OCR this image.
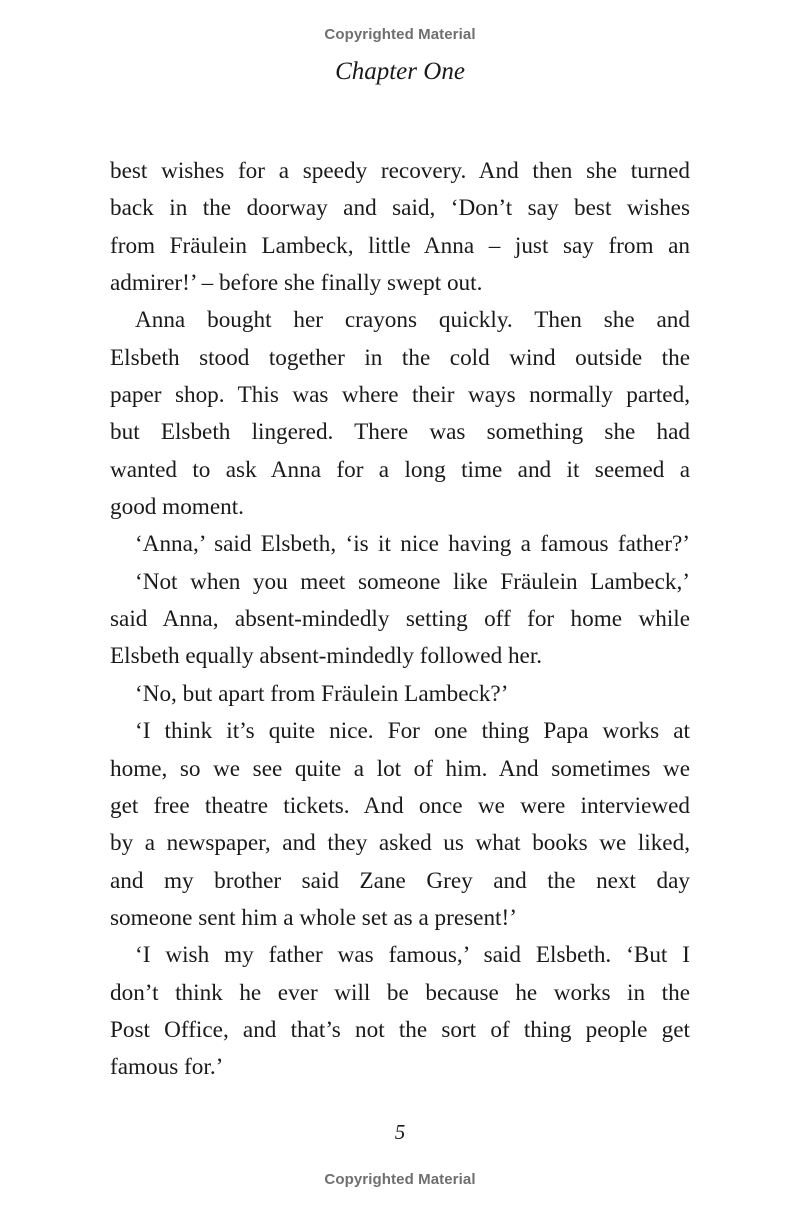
Copyrighted Material
Chapter One
best wishes for a speedy recovery. And then she turned
back in the doorway and said, ‘Don’t say best wishes
from Fräulein Lambeck, little Anna – just say from an
admirer!’ – before she finally swept out.
Anna bought her crayons quickly. Then she and
Elsbeth stood together in the cold wind outside the
paper shop. This was where their ways normally parted,
but Elsbeth lingered. There was something she had
wanted to ask Anna for a long time and it seemed a
good moment.
‘Anna,’ said Elsbeth, ‘is it nice having a famous father?’
‘Not when you meet someone like Fräulein Lambeck,’
said Anna, absent-mindedly setting off for home while
Elsbeth equally absent-mindedly followed her.
‘No, but apart from Fräulein Lambeck?’
‘I think it’s quite nice. For one thing Papa works at
home, so we see quite a lot of him. And sometimes we
get free theatre tickets. And once we were interviewed
by a newspaper, and they asked us what books we liked,
and my brother said Zane Grey and the next day
someone sent him a whole set as a present!’
‘I wish my father was famous,’ said Elsbeth. ‘But I
don’t think he ever will be because he works in the
Post Office, and that’s not the sort of thing people get
famous for.’
5
Copyrighted Material
